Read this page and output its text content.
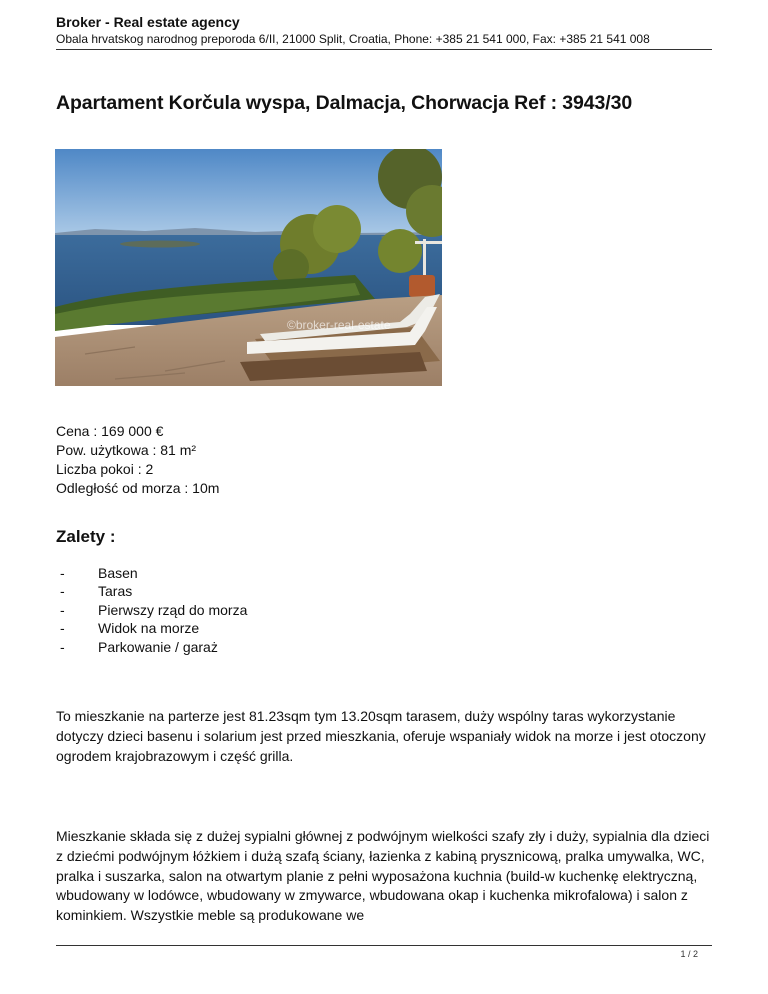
Broker - Real estate agency
Obala hrvatskog narodnog preporoda 6/II, 21000 Split, Croatia, Phone: +385 21 541 000, Fax: +385 21 541 008
Apartament Korčula wyspa, Dalmacja, Chorwacja Ref : 3943/30
©broker-real-estate
Cena : 169 000 €
Pow. użytkowa : 81 m²
Liczba pokoi : 2
Odległość od morza : 10m
Zalety :
- Basen
- Taras
- Pierwszy rząd do morza
- Widok na morze
- Parkowanie / garaż

To mieszkanie na parterze jest 81.23sqm tym 13.20sqm tarasem, duży wspólny taras wykorzystanie dotyczy dzieci basenu i solarium jest przed mieszkania, oferuje wspaniały widok na morze i jest otoczony ogrodem krajobrazowym i część grilla.

Mieszkanie składa się z dużej sypialni głównej z podwójnym wielkości szafy zły i duży, sypialnia dla dzieci z dziećmi podwójnym łóżkiem i dużą szafą ściany, łazienka z kabiną prysznicową, pralka umywalka, WC, pralka i suszarka, salon na otwartym planie z pełni wyposażona kuchnia (build-w kuchenkę elektryczną, wbudowany w lodówce, wbudowany w zmywarce, wbudowana okap i kuchenka mikrofalowa) i salon z kominkiem. Wszystkie meble są produkowane we

1 / 2
